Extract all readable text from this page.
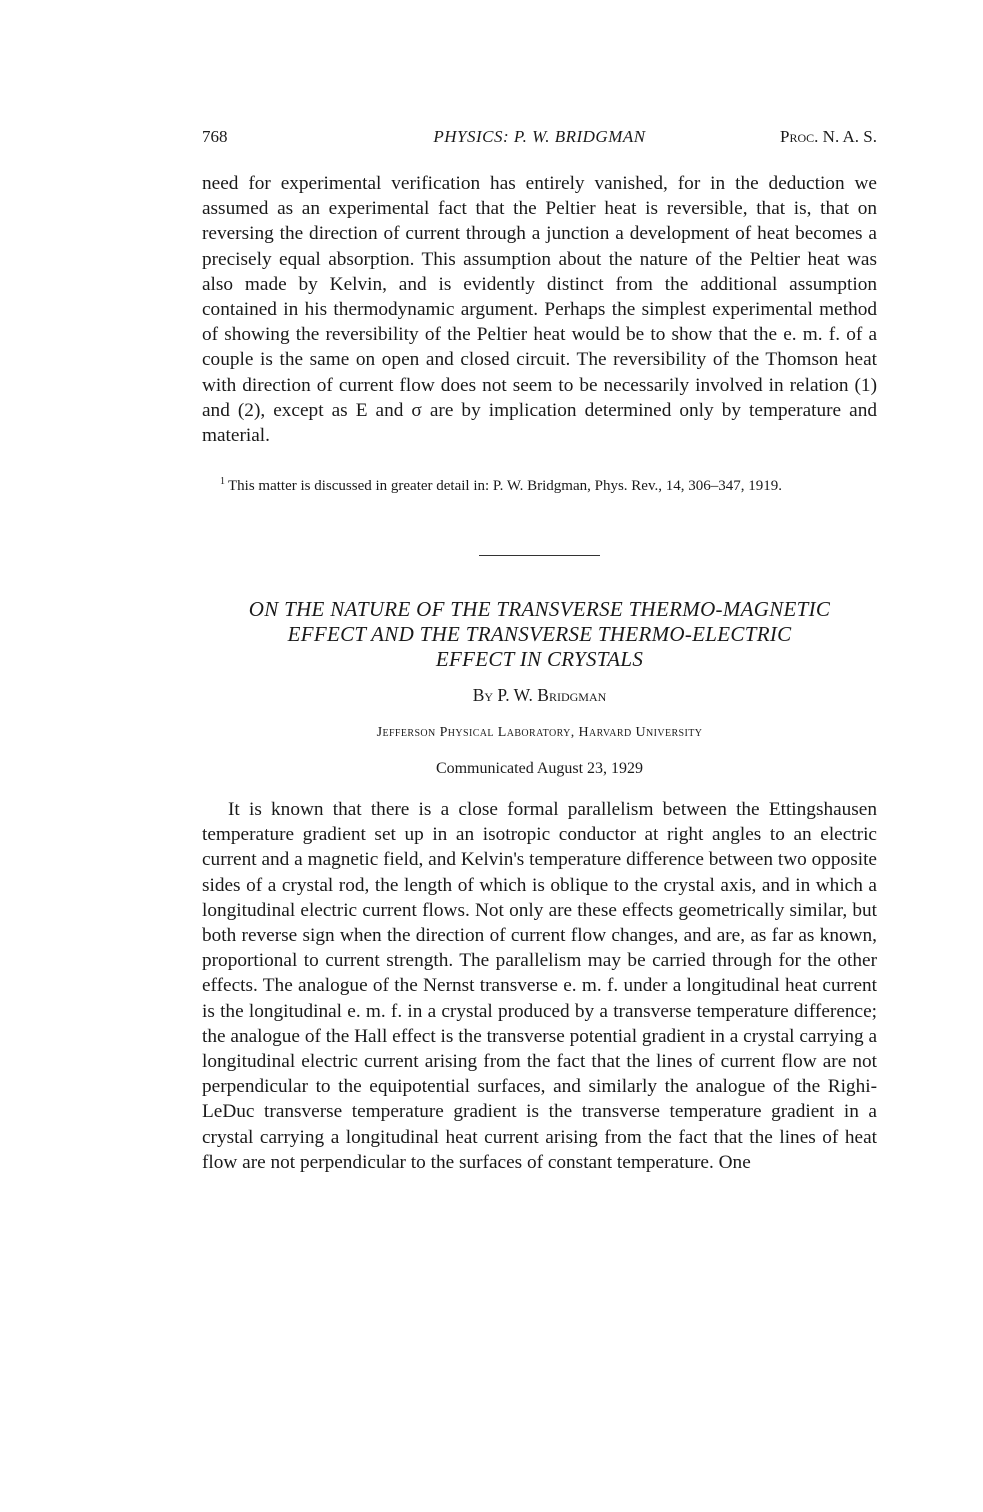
768	PHYSICS: P. W. BRIDGMAN	Proc. N. A. S.

need for experimental verification has entirely vanished, for in the deduction we assumed as an experimental fact that the Peltier heat is reversible, that is, that on reversing the direction of current through a junction a development of heat becomes a precisely equal absorption. This assumption about the nature of the Peltier heat was also made by Kelvin, and is evidently distinct from the additional assumption contained in his thermodynamic argument. Perhaps the simplest experimental method of showing the reversibility of the Peltier heat would be to show that the e. m. f. of a couple is the same on open and closed circuit. The reversibility of the Thomson heat with direction of current flow does not seem to be necessarily involved in relation (1) and (2), except as E and σ are by implication determined only by temperature and material.

$^1$ This matter is discussed in greater detail in: P. W. Bridgman, Phys. Rev., 14, 306–347, 1919.

ON THE NATURE OF THE TRANSVERSE THERMO-MAGNETIC
EFFECT AND THE TRANSVERSE THERMO-ELECTRIC
EFFECT IN CRYSTALS
By P. W. Bridgman
Jefferson Physical Laboratory, Harvard University
Communicated August 23, 1929

It is known that there is a close formal parallelism between the Ettingshausen temperature gradient set up in an isotropic conductor at right angles to an electric current and a magnetic field, and Kelvin's temperature difference between two opposite sides of a crystal rod, the length of which is oblique to the crystal axis, and in which a longitudinal electric current flows. Not only are these effects geometrically similar, but both reverse sign when the direction of current flow changes, and are, as far as known, proportional to current strength. The parallelism may be carried through for the other effects. The analogue of the Nernst transverse e. m. f. under a longitudinal heat current is the longitudinal e. m. f. in a crystal produced by a transverse temperature difference; the analogue of the Hall effect is the transverse potential gradient in a crystal carrying a longitudinal electric current arising from the fact that the lines of current flow are not perpendicular to the equipotential surfaces, and similarly the analogue of the Righi-LeDuc transverse temperature gradient is the transverse temperature gradient in a crystal carrying a longitudinal heat current arising from the fact that the lines of heat flow are not perpendicular to the surfaces of constant temperature. One
